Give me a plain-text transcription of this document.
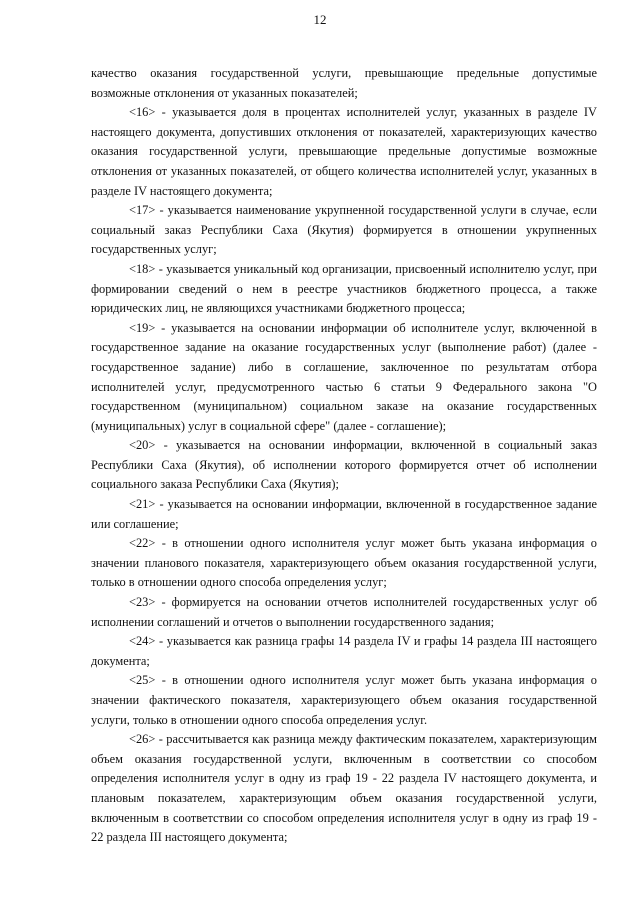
12

качество оказания государственной услуги, превышающие предельные допустимые возможные отклонения от указанных показателей;

<16> - указывается доля в процентах исполнителей услуг, указанных в разделе IV настоящего документа, допустивших отклонения от показателей, характеризующих качество оказания государственной услуги, превышающие предельные допустимые возможные отклонения от указанных показателей, от общего количества исполнителей услуг, указанных в разделе IV настоящего документа;

<17> - указывается наименование укрупненной государственной услуги в случае, если социальный заказ Республики Саха (Якутия) формируется в отношении укрупненных государственных услуг;

<18> - указывается уникальный код организации, присвоенный исполнителю услуг, при формировании сведений о нем в реестре участников бюджетного процесса, а также юридических лиц, не являющихся участниками бюджетного процесса;

<19> - указывается на основании информации об исполнителе услуг, включенной в государственное задание на оказание государственных услуг (выполнение работ) (далее - государственное задание) либо в соглашение, заключенное по результатам отбора исполнителей услуг, предусмотренного частью 6 статьи 9 Федерального закона "О государственном (муниципальном) социальном заказе на оказание государственных (муниципальных) услуг в социальной сфере" (далее - соглашение);

<20> - указывается на основании информации, включенной в социальный заказ Республики Саха (Якутия), об исполнении которого формируется отчет об исполнении социального заказа Республики Саха (Якутия);

<21> - указывается на основании информации, включенной в государственное задание или соглашение;

<22> - в отношении одного исполнителя услуг может быть указана информация о значении планового показателя, характеризующего объем оказания государственной услуги, только в отношении одного способа определения услуг;

<23> - формируется на основании отчетов исполнителей государственных услуг об исполнении соглашений и отчетов о выполнении государственного задания;

<24> - указывается как разница графы 14 раздела IV и графы 14 раздела III настоящего документа;

<25> - в отношении одного исполнителя услуг может быть указана информация о значении фактического показателя, характеризующего объем оказания государственной услуги, только в отношении одного способа определения услуг.

<26> - рассчитывается как разница между фактическим показателем, характеризующим объем оказания государственной услуги, включенным в соответствии со способом определения исполнителя услуг в одну из граф 19 - 22 раздела IV настоящего документа, и плановым показателем, характеризующим объем оказания государственной услуги, включенным в соответствии со способом определения исполнителя услуг в одну из граф 19 - 22 раздела III настоящего документа;
